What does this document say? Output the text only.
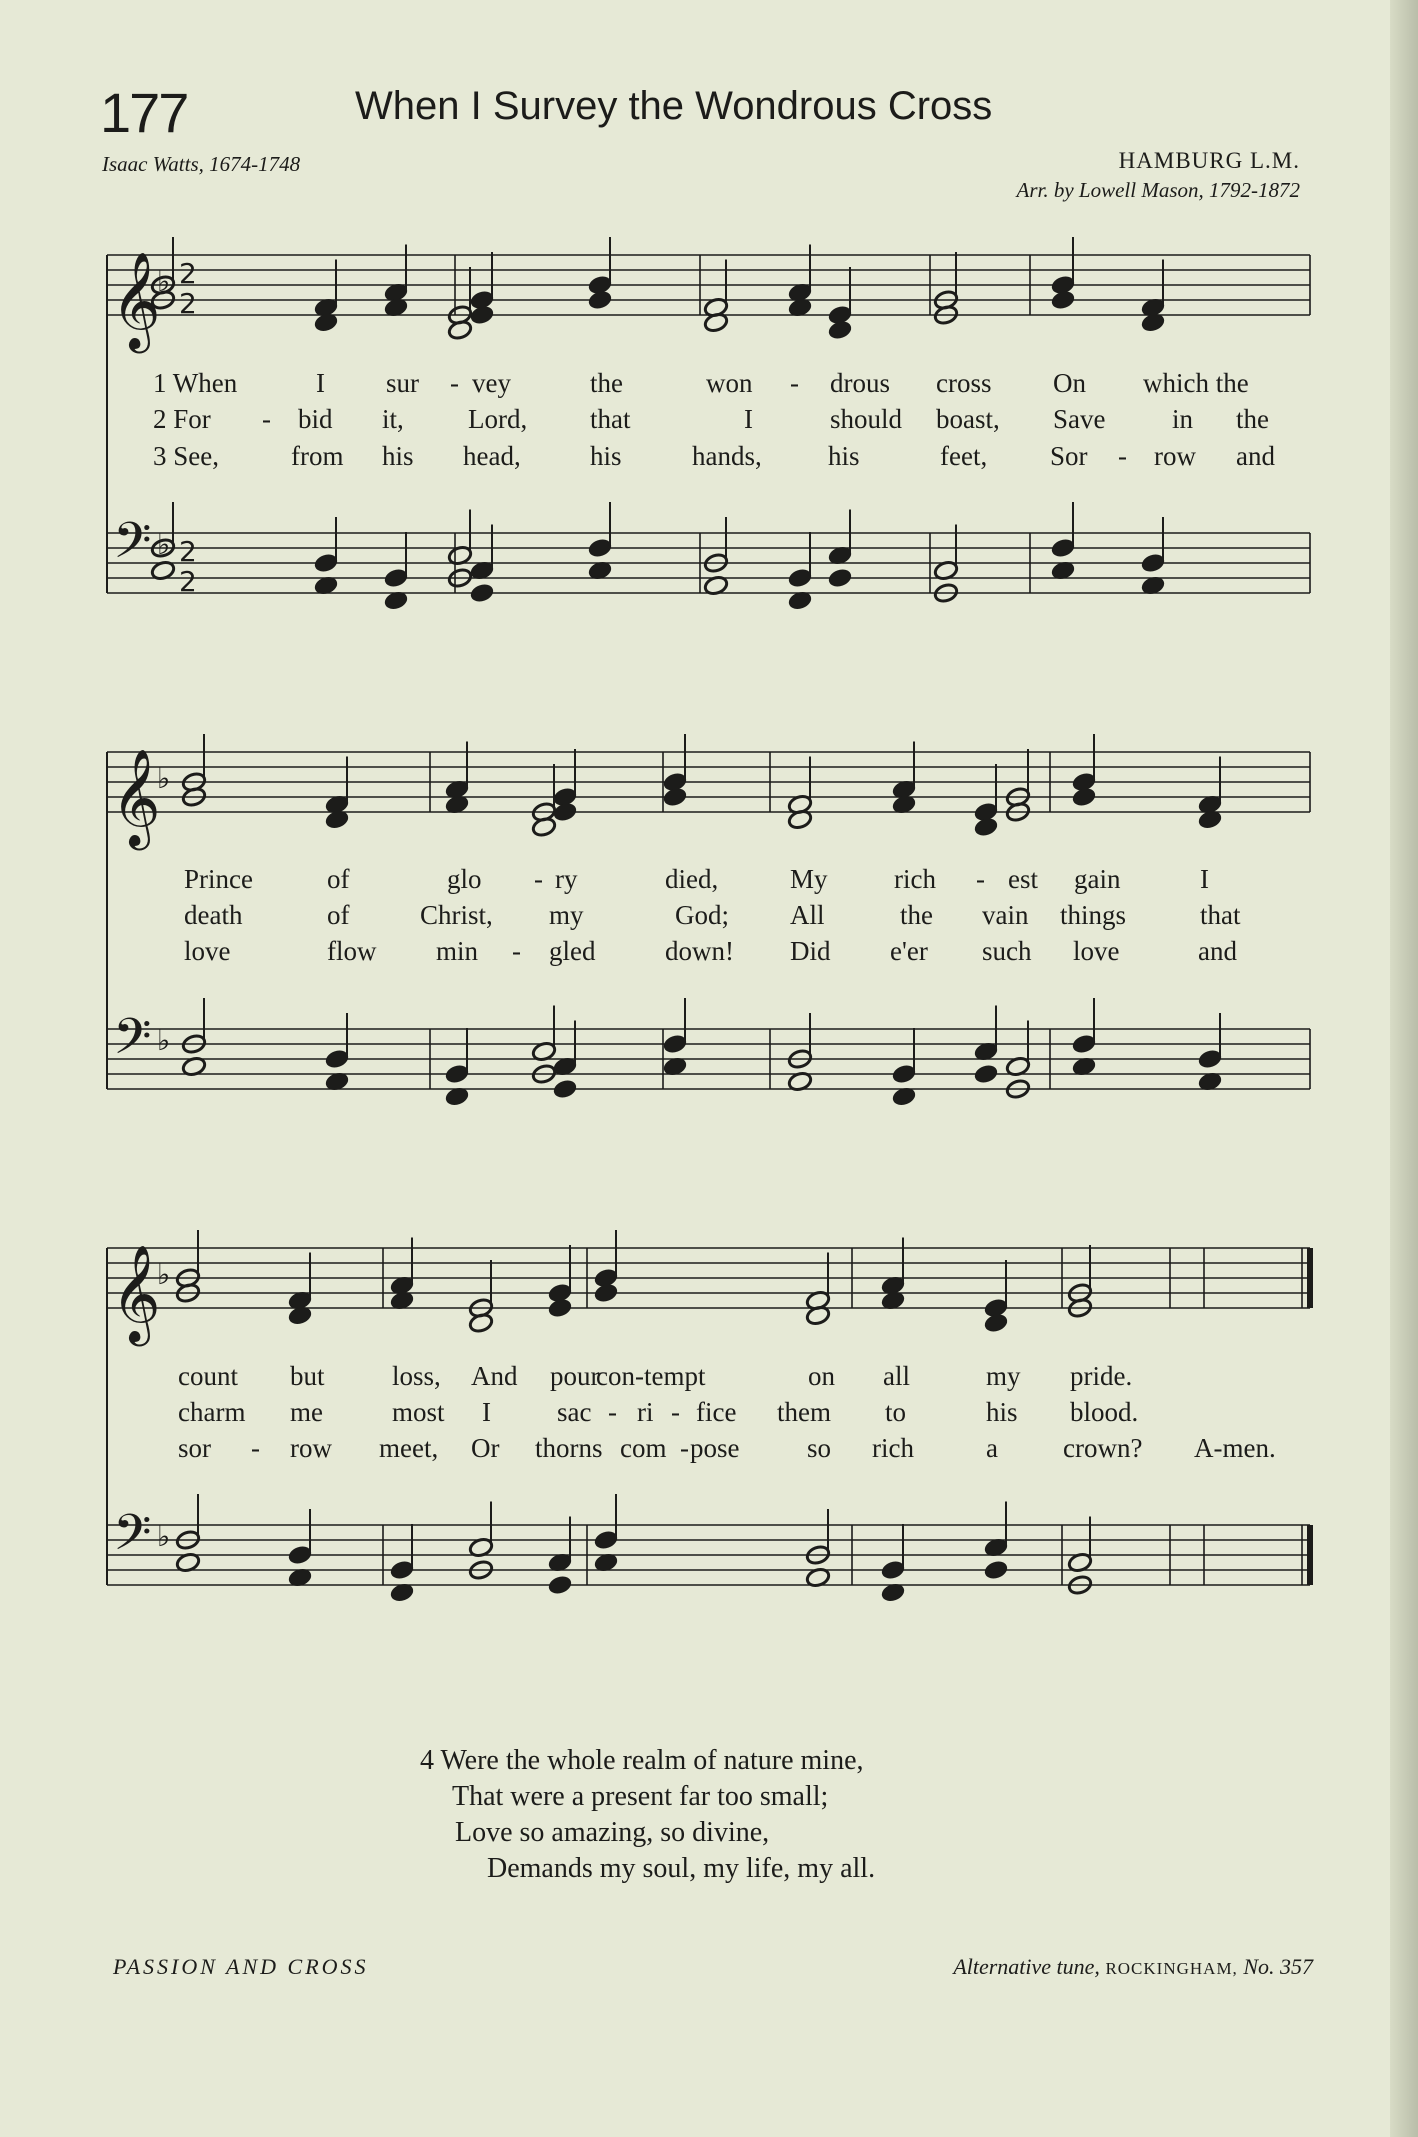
177	When I Survey the Wondrous Cross
Isaac Watts, 1674-1748	HAMBURG L.M.
Arr. by Lowell Mason, 1792-1872
𝄞
♭
𝄢 ♭
2
2
2
2
𝄞
♭
𝄢 ♭
𝄞
♭
𝄢 ♭
1 When	I sur - vey	the	won - drous cross On which the
2 For - bid it, Lord, that	I	should boast, Save in the
3 See,	from his head,	his	hands, his	feet, Sor - row and
Prince	of	glo - ry	died,	My rich - est gain	I
death	of	Christ, my	God; All	the vain things	that
love	flow min - gled	down! Did e'er such love	and
count but loss, And pour
con-tempt	on all	my pride.
charm me	most I sac - ri - fice them to	his blood.
sor - row meet, Or thorns com - pose	so rich	a crown? A-men.
4 Were the whole realm of nature mine,
That were a present far too small;
Love so amazing, so divine,
Demands my soul, my life, my all.
PASSION AND CROSS	Alternative tune, ROCKINGHAM, No. 357
